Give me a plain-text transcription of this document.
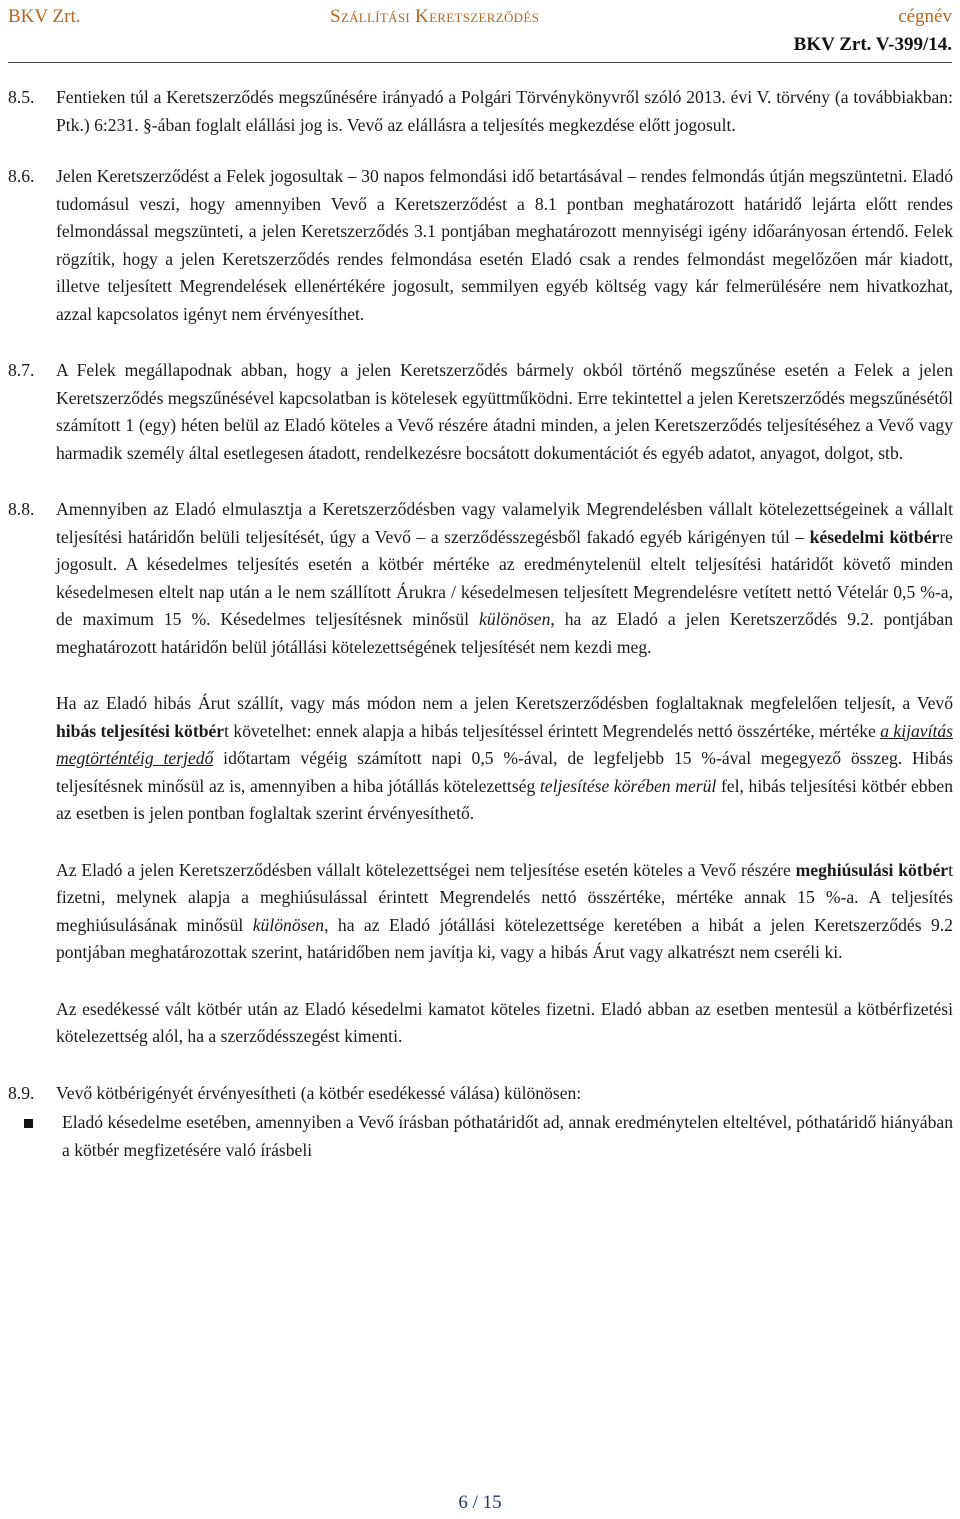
BKV Zrt.	Szállítási Keretszerződés	cégnév
BKV Zrt. V-399/14.
8.5.	Fentieken túl a Keretszerződés megszűnésére irányadó a Polgári Törvénykönyvről szóló 2013. évi V. törvény (a továbbiakban: Ptk.) 6:231. §-ában foglalt elállási jog is. Vevő az elállásra a teljesítés megkezdése előtt jogosult.

8.6.	Jelen Keretszerződést a Felek jogosultak – 30 napos felmondási idő betartásával – rendes felmondás útján megszüntetni. Eladó tudomásul veszi, hogy amennyiben Vevő a Keretszerződést a 8.1 pontban meghatározott határidő lejárta előtt rendes felmondással megszünteti, a jelen Keretszerződés 3.1 pontjában meghatározott mennyiségi igény időarányosan értendő. Felek rögzítik, hogy a jelen Keretszerződés rendes felmondása esetén Eladó csak a rendes felmondást megelőzően már kiadott, illetve teljesített Megrendelések ellenértékére jogosult, semmilyen egyéb költség vagy kár felmerülésére nem hivatkozhat, azzal kapcsolatos igényt nem érvényesíthet.

8.7.	A Felek megállapodnak abban, hogy a jelen Keretszerződés bármely okból történő megszűnése esetén a Felek a jelen Keretszerződés megszűnésével kapcsolatban is kötelesek együttműködni. Erre tekintettel a jelen Keretszerződés megszűnésétől számított 1 (egy) héten belül az Eladó köteles a Vevő részére átadni minden, a jelen Keretszerződés teljesítéséhez a Vevő vagy harmadik személy által esetlegesen átadott, rendelkezésre bocsátott dokumentációt és egyéb adatot, anyagot, dolgot, stb.

8.8.	Amennyiben az Eladó elmulasztja a Keretszerződésben vagy valamelyik Megrendelésben vállalt kötelezettségeinek a vállalt teljesítési határidőn belüli teljesítését, úgy a Vevő – a szerződésszegésből fakadó egyéb kárigényen túl – késedelmi kötbérre jogosult. A késedelmes teljesítés esetén a kötbér mértéke az eredménytelenül eltelt teljesítési határidőt követő minden késedelmesen eltelt nap után a le nem szállított Árukra / késedelmesen teljesített Megrendelésre vetített nettó Vételár 0,5 %-a, de maximum 15 %. Késedelmes teljesítésnek minősül különösen, ha az Eladó a jelen Keretszerződés 9.2. pontjában meghatározott határidőn belül jótállási kötelezettségének teljesítését nem kezdi meg.

Ha az Eladó hibás Árut szállít, vagy más módon nem a jelen Keretszerződésben foglaltaknak megfelelően teljesít, a Vevő hibás teljesítési kötbért követelhet: ennek alapja a hibás teljesítéssel érintett Megrendelés nettó összértéke, mértéke a kijavítás megtörténtéig terjedő időtartam végéig számított napi 0,5 %-ával, de legfeljebb 15 %-ával megegyező összeg. Hibás teljesítésnek minősül az is, amennyiben a hiba jótállás kötelezettség teljesítése körében merül fel, hibás teljesítési kötbér ebben az esetben is jelen pontban foglaltak szerint érvényesíthető.

Az Eladó a jelen Keretszerződésben vállalt kötelezettségei nem teljesítése esetén köteles a Vevő részére meghiúsulási kötbért fizetni, melynek alapja a meghiúsulással érintett Megrendelés nettó összértéke, mértéke annak 15 %-a. A teljesítés meghiúsulásának minősül különösen, ha az Eladó jótállási kötelezettsége keretében a hibát a jelen Keretszerződés 9.2 pontjában meghatározottak szerint, határidőben nem javítja ki, vagy a hibás Árut vagy alkatrészt nem cseréli ki.

Az esedékessé vált kötbér után az Eladó késedelmi kamatot köteles fizetni. Eladó abban az esetben mentesül a kötbérfizetési kötelezettség alól, ha a szerződésszegést kimenti.

8.9.	Vevő kötbérigényét érvényesítheti (a kötbér esedékessé válása) különösen:

Eladó késedelme esetében, amennyiben a Vevő írásban póthatáridőt ad, annak eredménytelen elteltével, póthatáridő hiányában a kötbér megfizetésére való írásbeli

6 / 15
